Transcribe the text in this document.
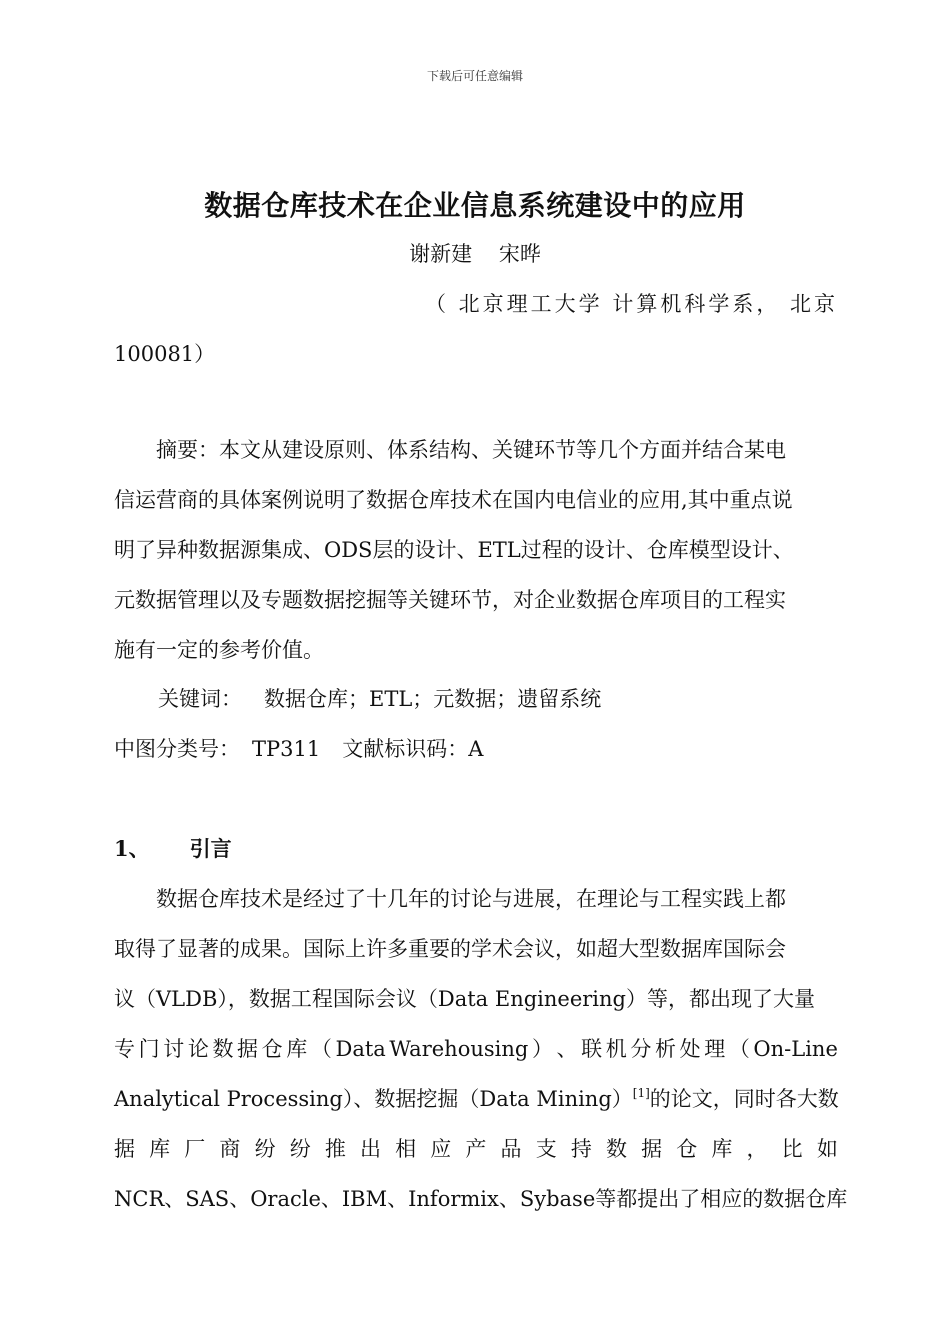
下载后可任意编辑
数据仓库技术在企业信息系统建设中的应用
谢新建 宋晔
（ 北京理工大学 计算机科学系， 北京
100081）
摘要：本文从建设原则、体系结构、关键环节等几个方面并结合某电
信运营商的具体案例说明了数据仓库技术在国内电信业的应用,其中重点说
明了异种数据源集成、ODS层的设计、ETL过程的设计、仓库模型设计、
元数据管理以及专题数据挖掘等关键环节，对企业数据仓库项目的工程实
施有一定的参考价值。
关键词： 数据仓库；ETL；元数据；遗留系统
中图分类号： TP311 文献标识码：A
1、 引言
数据仓库技术是经过了十几年的讨论与进展，在理论与工程实践上都
取得了显著的成果。国际上许多重要的学术会议，如超大型数据库国际会
议（VLDB），数据工程国际会议（Data Engineering）等，都出现了大量
专 门 讨 论 数 据 仓 库 （ Data Warehousing ） 、 联 机 分 析 处 理 （ On-Line
Analytical Processing）、数据挖掘（Data Mining）[1]的论文，同时各大数
据 库 厂 商 纷 纷 推 出 相 应 产 品 支 持 数 据 仓 库 ， 比 如
NCR、SAS、Oracle、IBM、Informix、Sybase等都提出了相应的数据仓库
